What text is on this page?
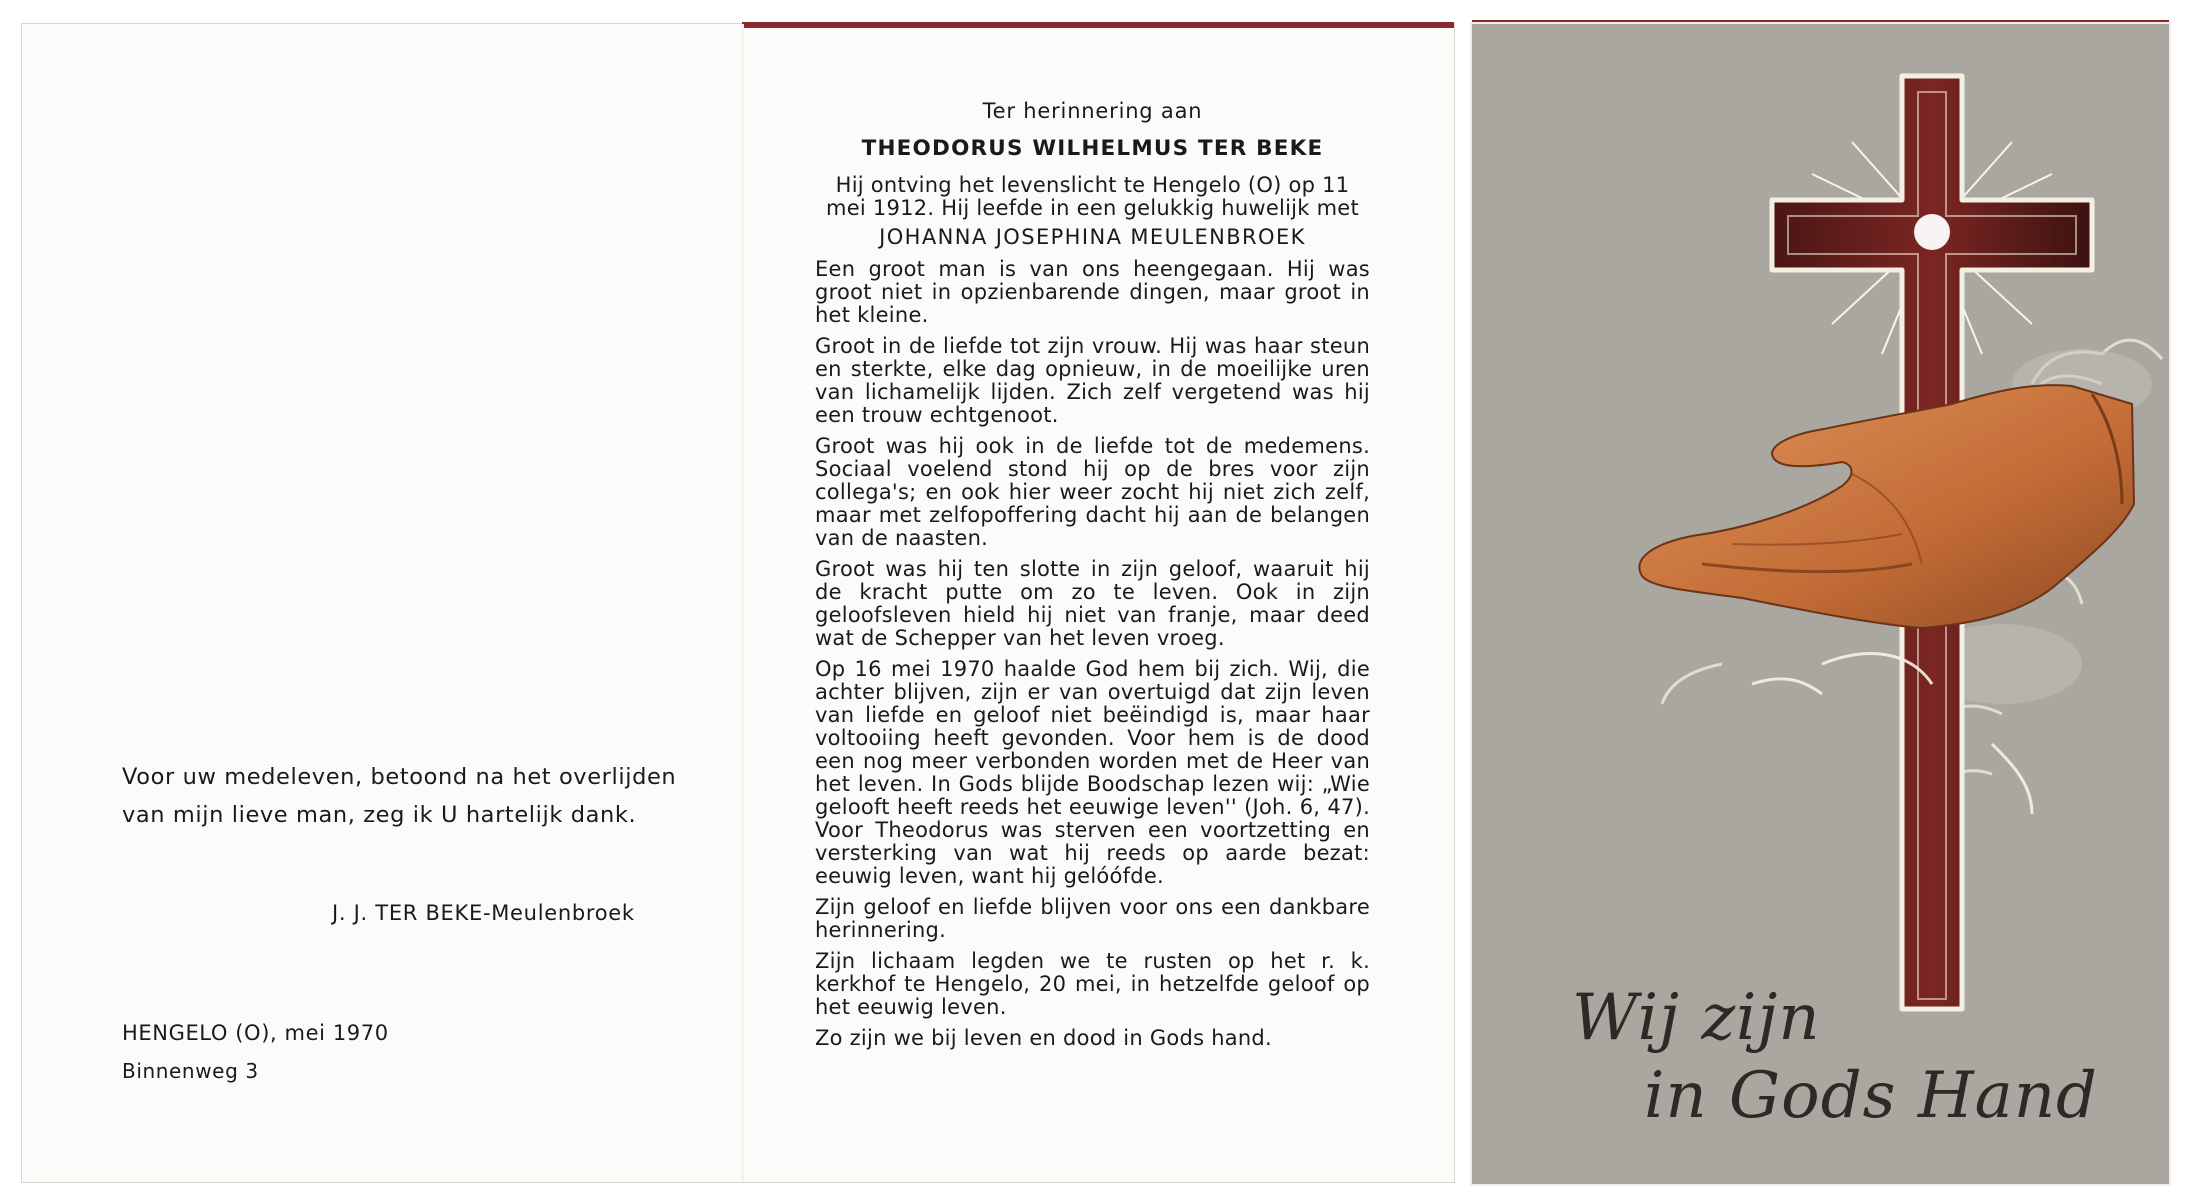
Voor uw medeleven, betoond na het overlijden

van mijn lieve man, zeg ik U hartelijk dank.

J. J. TER BEKE-Meulenbroek
HENGELO (O), mei 1970
Binnenweg 3

Ter herinnering aan

THEODORUS WILHELMUS TER BEKE

Hij ontving het levenslicht te Hengelo (O) op 11 mei 1912. Hij leefde in een gelukkig huwelijk met

JOHANNA JOSEPHINA MEULENBROEK

Een groot man is van ons heengegaan. Hij was groot niet in opzienbarende dingen, maar groot in het kleine.

Groot in de liefde tot zijn vrouw. Hij was haar steun en sterkte, elke dag opnieuw, in de moeilijke uren van lichamelijk lijden. Zich zelf vergetend was hij een trouw echtgenoot.

Groot was hij ook in de liefde tot de medemens. Sociaal voelend stond hij op de bres voor zijn collega's; en ook hier weer zocht hij niet zich zelf, maar met zelfopoffering dacht hij aan de belangen van de naasten.

Groot was hij ten slotte in zijn geloof, waaruit hij de kracht putte om zo te leven. Ook in zijn geloofsleven hield hij niet van franje, maar deed wat de Schepper van het leven vroeg.

Op 16 mei 1970 haalde God hem bij zich. Wij, die achter blijven, zijn er van overtuigd dat zijn leven van liefde en geloof niet beëindigd is, maar haar voltooiing heeft gevonden. Voor hem is de dood een nog meer verbonden worden met de Heer van het leven. In Gods blijde Boodschap lezen wij: „Wie gelooft heeft reeds het eeuwige leven'' (Joh. 6, 47). Voor Theodorus was sterven een voortzetting en versterking van wat hij reeds op aarde bezat: eeuwig leven, want hij gelóófde.

Zijn geloof en liefde blijven voor ons een dankbare herinnering.

Zijn lichaam legden we te rusten op het r. k. kerkhof te Hengelo, 20 mei, in hetzelfde geloof op het eeuwig leven.

Zo zijn we bij leven en dood in Gods hand.	Wij zijn
in Gods Hand
